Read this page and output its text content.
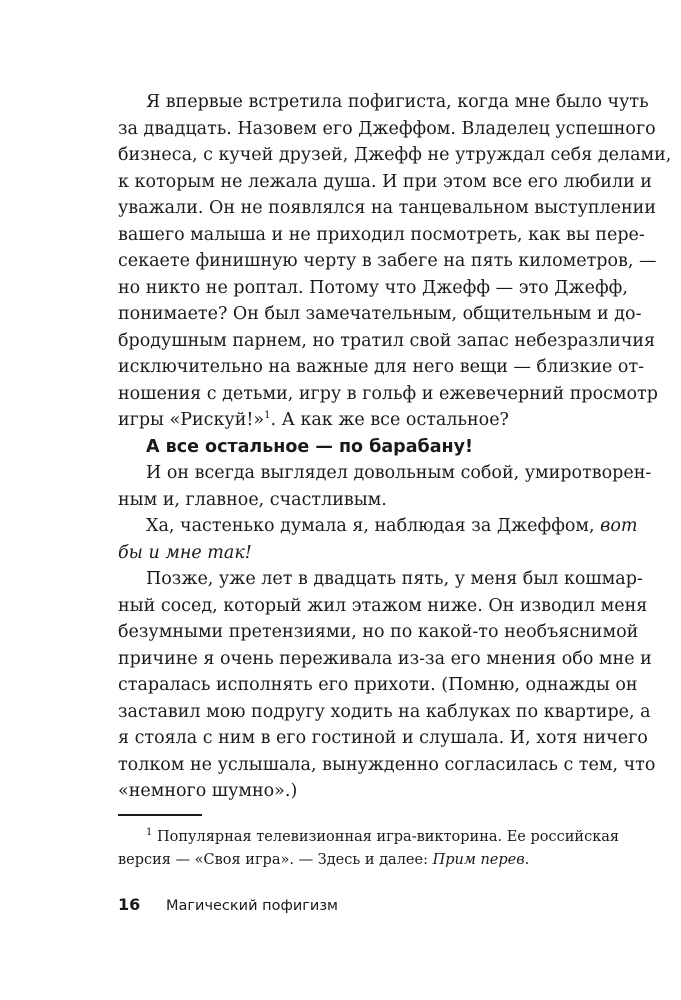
Я впервые встретила пофигиста, когда мне было чуть
за двадцать. Назовем его Джеффом. Владелец успешного
бизнеса, с кучей друзей, Джефф не утруждал себя делами,
к которым не лежала душа. И при этом все его любили и
уважали. Он не появлялся на танцевальном выступлении
вашего малыша и не приходил посмотреть, как вы пере-
секаете финишную черту в забеге на пять километров, —
но никто не роптал. Потому что Джефф — это Джефф,
понимаете? Он был замечательным, общительным и до-
бродушным парнем, но тратил свой запас небезразличия
исключительно на важные для него вещи — близкие от-
ношения с детьми, игру в гольф и ежевечерний просмотр
игры «Рискуй!»$^1$. А как же все остальное?
А все остальное — по барабану!
И он всегда выглядел довольным собой, умиротворен-
ным и, главное, счастливым.
Ха, частенько думала я, наблюдая за Джеффом, вот
бы и мне так!
Позже, уже лет в двадцать пять, у меня был кошмар-
ный сосед, который жил этажом ниже. Он изводил меня
безумными претензиями, но по какой-то необъяснимой
причине я очень переживала из-за его мнения обо мне и
старалась исполнять его прихоти. (Помню, однажды он
заставил мою подругу ходить на каблуках по квартире, а
я стояла с ним в его гостиной и слушала. И, хотя ничего
толком не услышала, вынужденно согласилась с тем, что
«немного шумно».)
$^1$ Популярная телевизионная игра-викторина. Ее российская
версия — «Своя игра». — Здесь и далее: Прим перев.
16 Магический пофигизм
